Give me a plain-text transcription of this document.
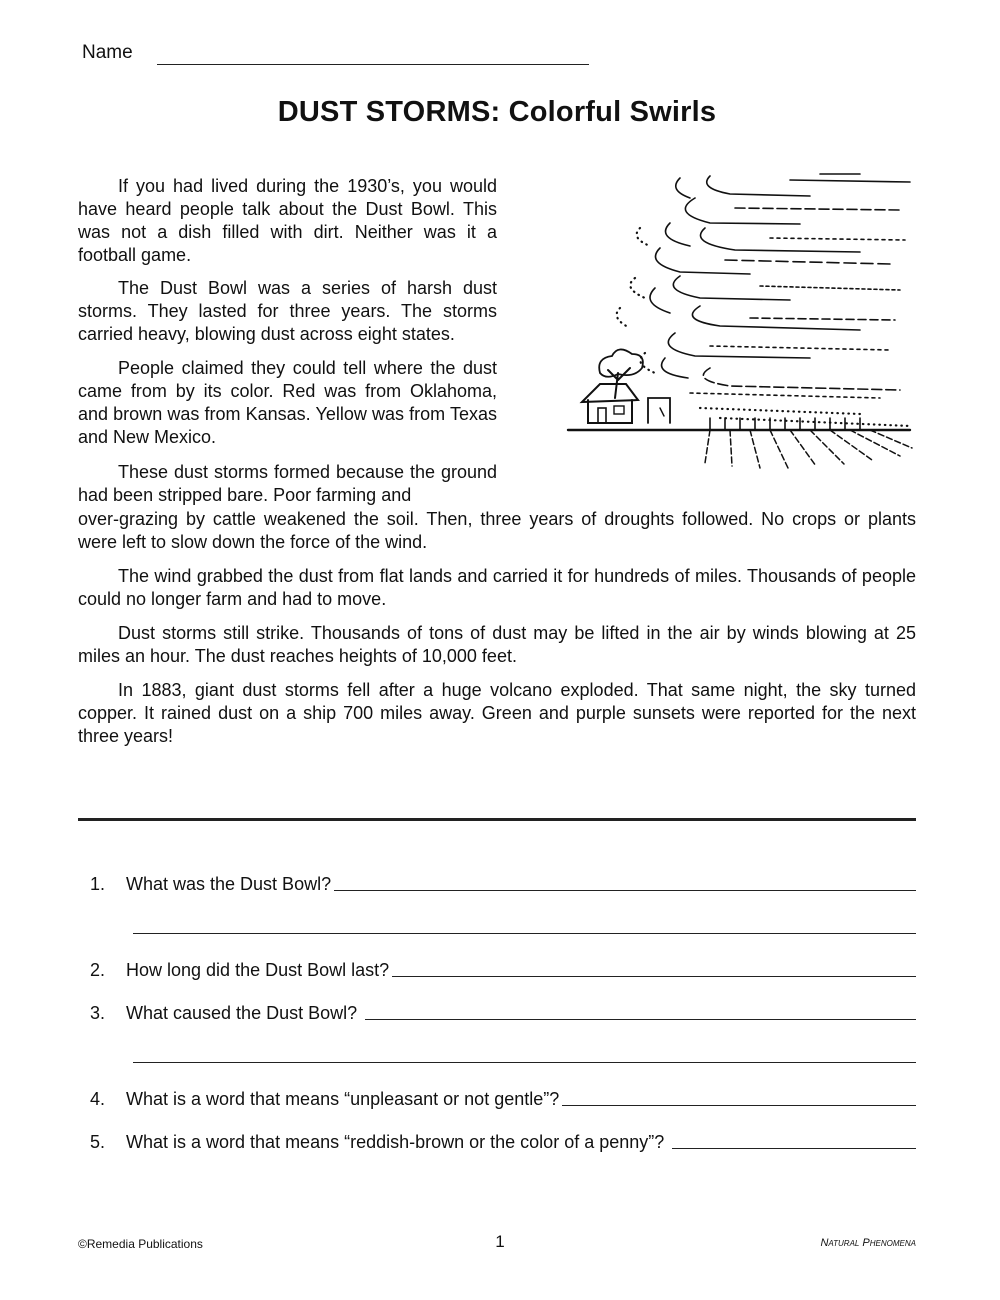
Name
DUST STORMS: Colorful Swirls

If you had lived during the 1930’s, you would have heard people talk about the Dust Bowl. This was not a dish filled with dirt. Neither was it a football game.

The Dust Bowl was a series of harsh dust storms. They lasted for three years. The storms carried heavy, blowing dust across eight states.

People claimed they could tell where the dust came from by its color. Red was from Oklahoma, and brown was from Kansas. Yellow was from Texas and New Mexico.

These dust storms formed because the ground had been stripped bare. Poor farming and

over-grazing by cattle weakened the soil. Then, three years of droughts followed. No crops or plants were left to slow down the force of the wind.

The wind grabbed the dust from flat lands and carried it for hundreds of miles. Thousands of people could no longer farm and had to move.

Dust storms still strike. Thousands of tons of dust may be lifted in the air by winds blowing at 25 miles an hour. The dust reaches heights of 10,000 feet.

In 1883, giant dust storms fell after a huge volcano exploded. That same night, the sky turned copper. It rained dust on a ship 700 miles away. Green and purple sunsets were reported for the next three years!

1.	What was the Dust Bowl?
2.	How long did the Dust Bowl last?
3.	What caused the Dust Bowl?
4.	What is a word that means “unpleasant or not gentle”?
5.	What is a word that means “reddish-brown or the color of a penny”?
©Remedia Publications	1	Natural Phenomena
